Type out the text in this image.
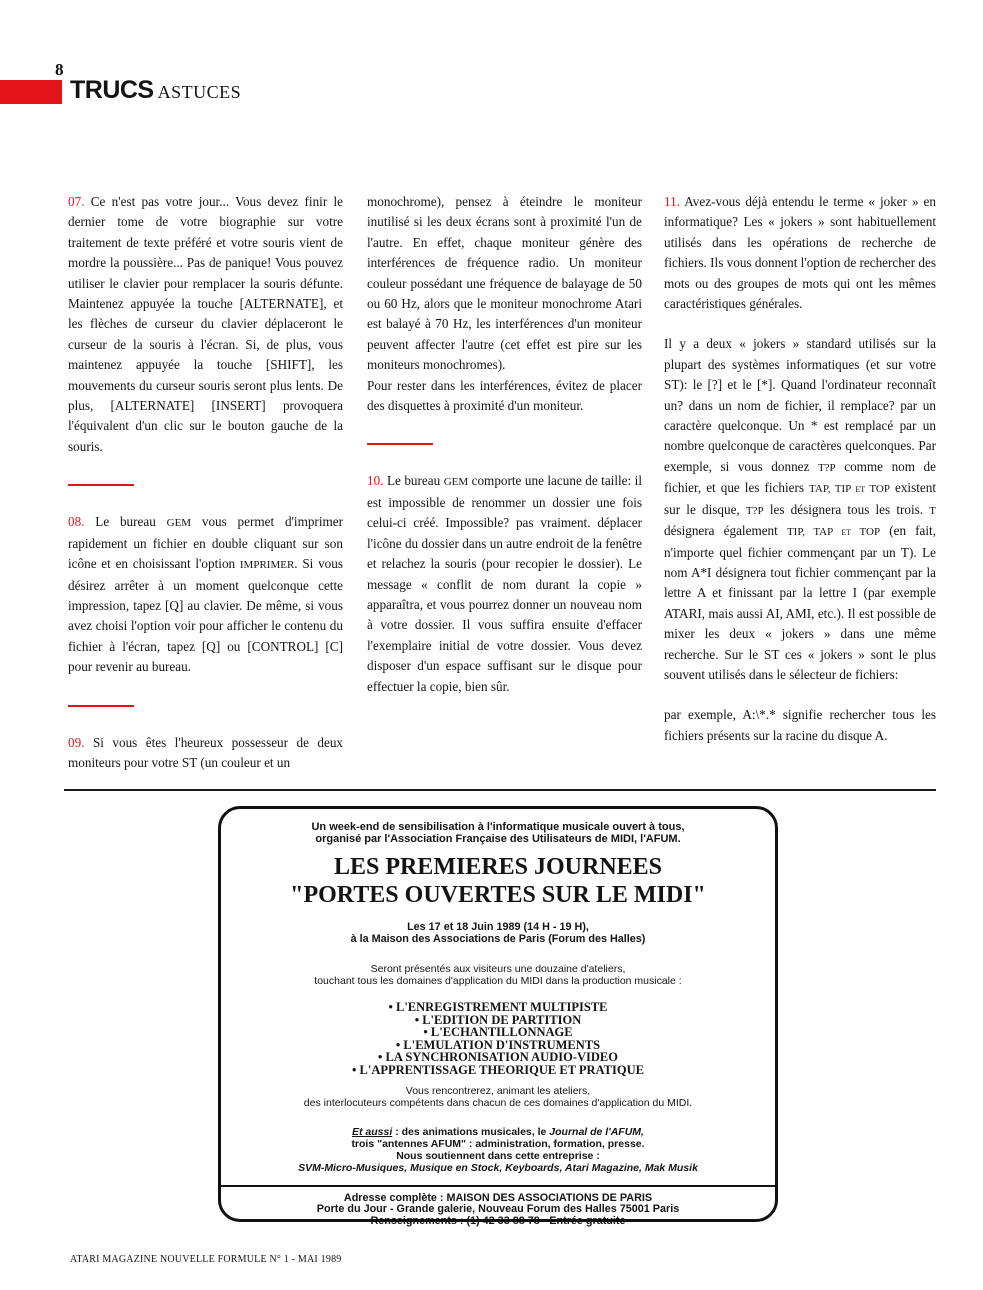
8
TRUCS ASTUCES

07. Ce n'est pas votre jour... Vous devez finir le dernier tome de votre biographie sur votre traitement de texte préféré et votre souris vient de mordre la poussière... Pas de panique! Vous pouvez utiliser le clavier pour remplacer la souris défunte. Maintenez appuyée la touche [ALTERNATE], et les flèches de curseur du clavier déplaceront le curseur de la souris à l'écran. Si, de plus, vous maintenez appuyée la touche [SHIFT], les mouvements du curseur souris seront plus lents. De plus, [ALTERNATE] [INSERT] provoquera l'équivalent d'un clic sur le bouton gauche de la souris.

08. Le bureau GEM vous permet d'imprimer rapidement un fichier en double cliquant sur son icône et en choisissant l'option IMPRIMER. Si vous désirez arrêter à un moment quelconque cette impression, tapez [Q] au clavier. De même, si vous avez choisi l'option voir pour afficher le contenu du fichier à l'écran, tapez [Q] ou [CONTROL] [C] pour revenir au bureau.

09. Si vous êtes l'heureux possesseur de deux moniteurs pour votre ST (un couleur et un

monochrome), pensez à éteindre le moniteur inutilisé si les deux écrans sont à proximité l'un de l'autre. En effet, chaque moniteur génère des interférences de fréquence radio. Un moniteur couleur possédant une fréquence de balayage de 50 ou 60 Hz, alors que le moniteur monochrome Atari est balayé à 70 Hz, les interférences d'un moniteur peuvent affecter l'autre (cet effet est pire sur les moniteurs monochromes).

Pour rester dans les interférences, évitez de placer des disquettes à proximité d'un moniteur.

10. Le bureau GEM comporte une lacune de taille: il est impossible de renommer un dossier une fois celui-ci créé. Impossible? pas vraiment. déplacer l'icône du dossier dans un autre endroit de la fenêtre et relachez la souris (pour recopier le dossier). Le message « conflit de nom durant la copie » apparaîtra, et vous pourrez donner un nouveau nom à votre dossier. Il vous suffira ensuite d'effacer l'exemplaire initial de votre dossier. Vous devez disposer d'un espace suffisant sur le disque pour effectuer la copie, bien sûr.

11. Avez-vous déjà entendu le terme « joker » en informatique? Les « jokers » sont habituellement utilisés dans les opérations de recherche de fichiers. Ils vous donnent l'option de rechercher des mots ou des groupes de mots qui ont les mêmes caractéristiques générales.

Il y a deux « jokers » standard utilisés sur la plupart des systèmes informatiques (et sur votre ST): le [?] et le [*]. Quand l'ordinateur reconnaît un? dans un nom de fichier, il remplace? par un caractère quelconque. Un * est remplacé par un nombre quelconque de caractères quelconques. Par exemple, si vous donnez T?P comme nom de fichier, et que les fichiers TAP, TIP et TOP existent sur le disque, T?P les désignera tous les trois. T désignera également TIP, TAP et TOP (en fait, n'importe quel fichier commençant par un T). Le nom A*I désignera tout fichier commençant par la lettre A et finissant par la lettre I (par exemple ATARI, mais aussi AI, AMI, etc.). Il est possible de mixer les deux « jokers » dans une même recherche. Sur le ST ces « jokers » sont le plus souvent utilisés dans le sélecteur de fichiers:

par exemple, A:\*.* signifie rechercher tous les fichiers présents sur la racine du disque A.

Un week-end de sensibilisation à l'informatique musicale ouvert à tous,
organisé par l'Association Française des Utilisateurs de MIDI, l'AFUM.
LES PREMIERES JOURNEES
"PORTES OUVERTES SUR LE MIDI"
Les 17 et 18 Juin 1989 (14 H - 19 H),
à la Maison des Associations de Paris (Forum des Halles)
Seront présentés aux visiteurs une douzaine d'ateliers,
touchant tous les domaines d'application du MIDI dans la production musicale :
• L'ENREGISTREMENT MULTIPISTE
• L'EDITION DE PARTITION
• L'ECHANTILLONNAGE
• L'EMULATION D'INSTRUMENTS
• LA SYNCHRONISATION AUDIO-VIDEO
• L'APPRENTISSAGE THEORIQUE ET PRATIQUE
Vous rencontrerez, animant les ateliers,
des interlocuteurs compétents dans chacun de ces domaines d'application du MIDI.
Et aussi : des animations musicales, le Journal de l'AFUM,
trois "antennes AFUM" : administration, formation, presse.
Nous soutiennent dans cette entreprise :
SVM-Micro-Musiques, Musique en Stock, Keyboards, Atari Magazine, Mak Musik
Adresse complète : MAISON DES ASSOCIATIONS DE PARIS
Porte du Jour - Grande galerie, Nouveau Forum des Halles 75001 Paris
Renseignements : (1) 42 33 88 78 - Entrée gratuite
ATARI MAGAZINE NOUVELLE FORMULE N° 1 - MAI 1989
